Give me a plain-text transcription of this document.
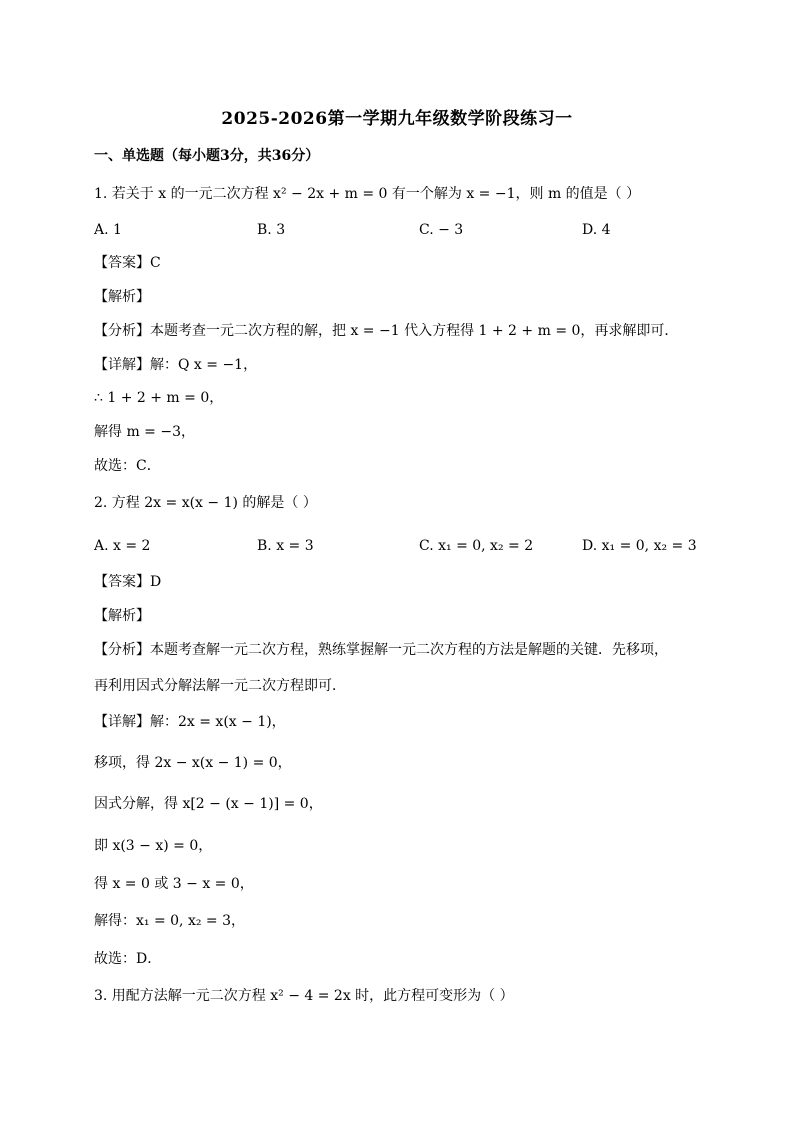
2025-2026第一学期九年级数学阶段练习一
一、单选题（每小题3分，共36分）
1. 若关于 x 的一元二次方程 x² − 2x + m = 0 有一个解为 x = −1，则 m 的值是（ ）
A. 1	B. 3	C. − 3	D. 4
【答案】C
【解析】
【分析】本题考查一元二次方程的解，把 x = −1 代入方程得 1 + 2 + m = 0，再求解即可．
【详解】解：Q x = −1，
∴ 1 + 2 + m = 0，
解得 m = −3，
故选：C．
2. 方程 2x = x(x − 1) 的解是（ ）
A. x = 2	B. x = 3	C. x₁ = 0, x₂ = 2	D. x₁ = 0, x₂ = 3
【答案】D
【解析】
【分析】本题考查解一元二次方程，熟练掌握解一元二次方程的方法是解题的关键．先移项，
再利用因式分解法解一元二次方程即可．
【详解】解：2x = x(x − 1)，
移项，得 2x − x(x − 1) = 0，
因式分解，得 x[2 − (x − 1)] = 0，
即 x(3 − x) = 0，
得 x = 0 或 3 − x = 0，
解得：x₁ = 0, x₂ = 3，
故选：D．
3. 用配方法解一元二次方程 x² − 4 = 2x 时，此方程可变形为（ ）
